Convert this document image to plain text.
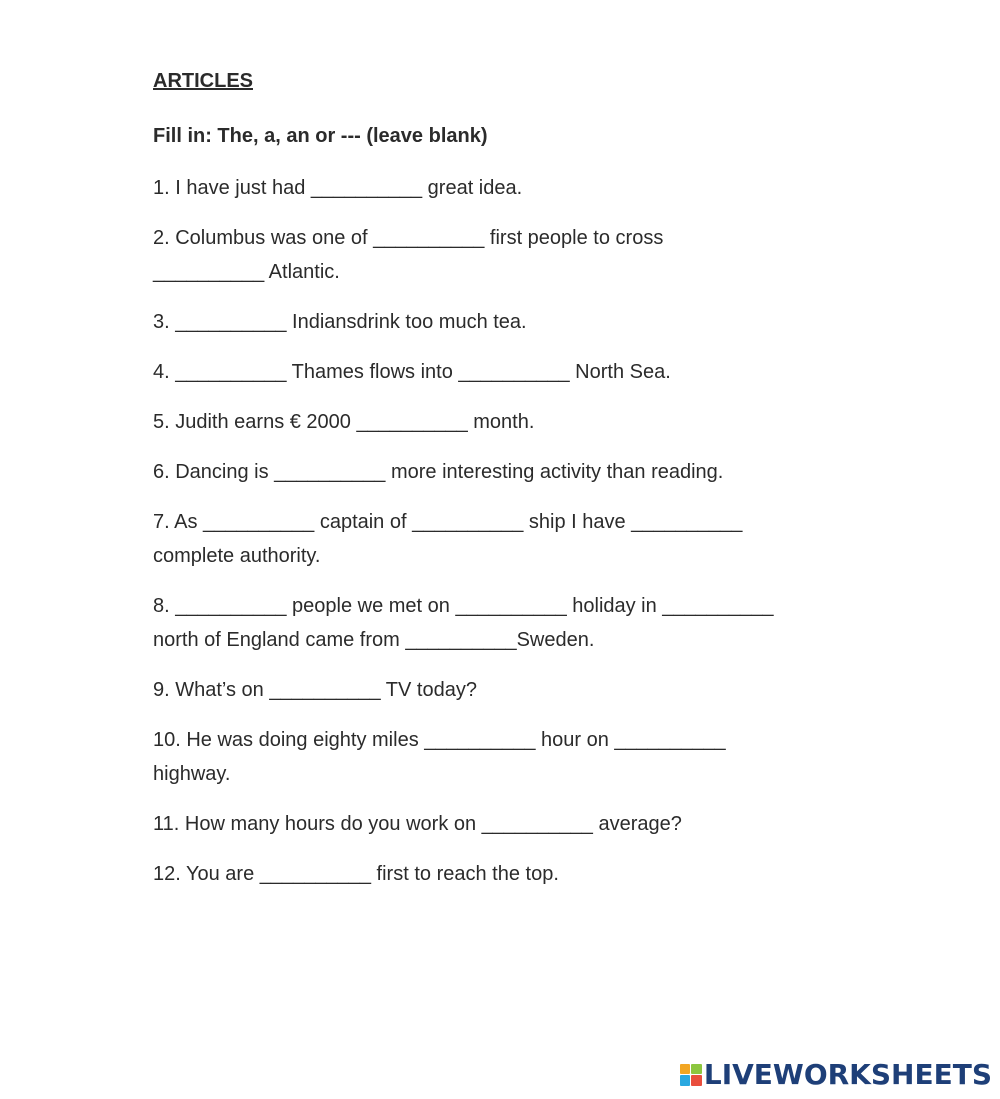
ARTICLES
Fill in: The, a, an or --- (leave blank)
1. I have just had __________ great idea.
2. Columbus was one of __________ first people to cross
__________ Atlantic.
3. __________ Indiansdrink too much tea.
4. __________ Thames flows into __________ North Sea.
5. Judith earns € 2000 __________ month.
6. Dancing is __________ more interesting activity than reading.
7. As __________ captain of __________ ship I have __________
complete authority.
8. __________ people we met on __________ holiday in __________
north of England came from __________Sweden.
9. What’s on __________ TV today?
10. He was doing eighty miles __________ hour on __________
highway.
11. How many hours do you work on __________ average?
12. You are __________ first to reach the top.
LIVEWORKSHEETS
